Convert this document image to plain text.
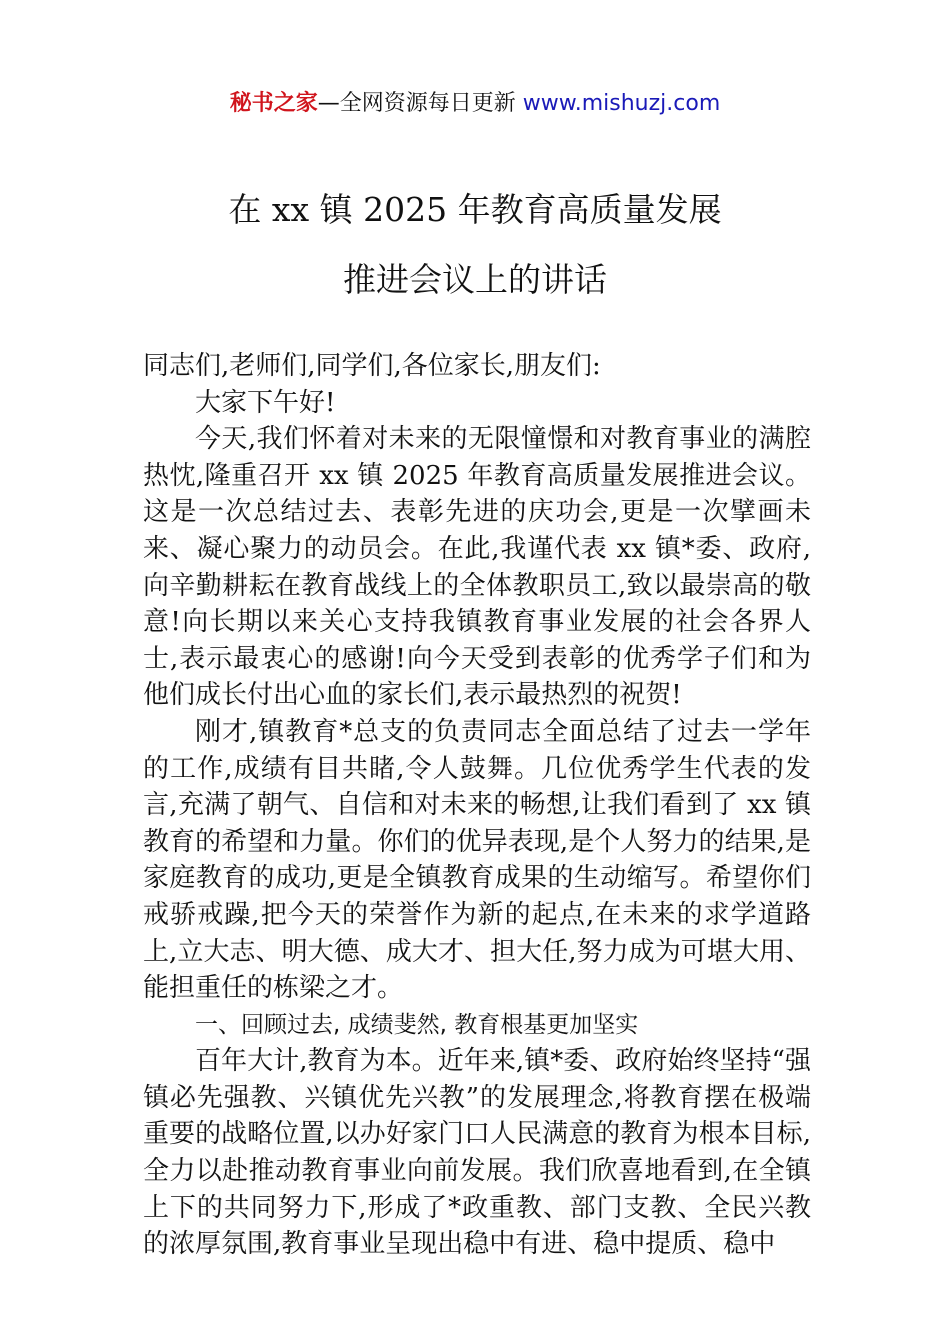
秘书之家—全网资源每日更新 www.mishuzj.com
在 xx 镇 2025 年教育高质量发展
推进会议上的讲话

同志们,老师们,同学们,各位家长,朋友们:

大家下午好!

今天,我们怀着对未来的无限憧憬和对教育事业的满腔热忱,隆重召开 xx 镇 2025 年教育高质量发展推进会议。这是一次总结过去、表彰先进的庆功会,更是一次擘画未来、凝心聚力的动员会。在此,我谨代表 xx 镇*委、政府,向辛勤耕耘在教育战线上的全体教职员工,致以最崇高的敬意!向长期以来关心支持我镇教育事业发展的社会各界人士,表示最衷心的感谢!向今天受到表彰的优秀学子们和为他们成长付出心血的家长们,表示最热烈的祝贺!

刚才,镇教育*总支的负责同志全面总结了过去一学年的工作,成绩有目共睹,令人鼓舞。几位优秀学生代表的发言,充满了朝气、自信和对未来的畅想,让我们看到了 xx 镇教育的希望和力量。你们的优异表现,是个人努力的结果,是家庭教育的成功,更是全镇教育成果的生动缩写。希望你们戒骄戒躁,把今天的荣誉作为新的起点,在未来的求学道路上,立大志、明大德、成大才、担大任,努力成为可堪大用、能担重任的栋梁之才。

一、回顾过去, 成绩斐然, 教育根基更加坚实

百年大计,教育为本。近年来,镇*委、政府始终坚持“强镇必先强教、兴镇优先兴教”的发展理念,将教育摆在极端重要的战略位置,以办好家门口人民满意的教育为根本目标,全力以赴推动教育事业向前发展。我们欣喜地看到,在全镇上下的共同努力下,形成了*政重教、部门支教、全民兴教的浓厚氛围,教育事业呈现出稳中有进、稳中提质、稳中
